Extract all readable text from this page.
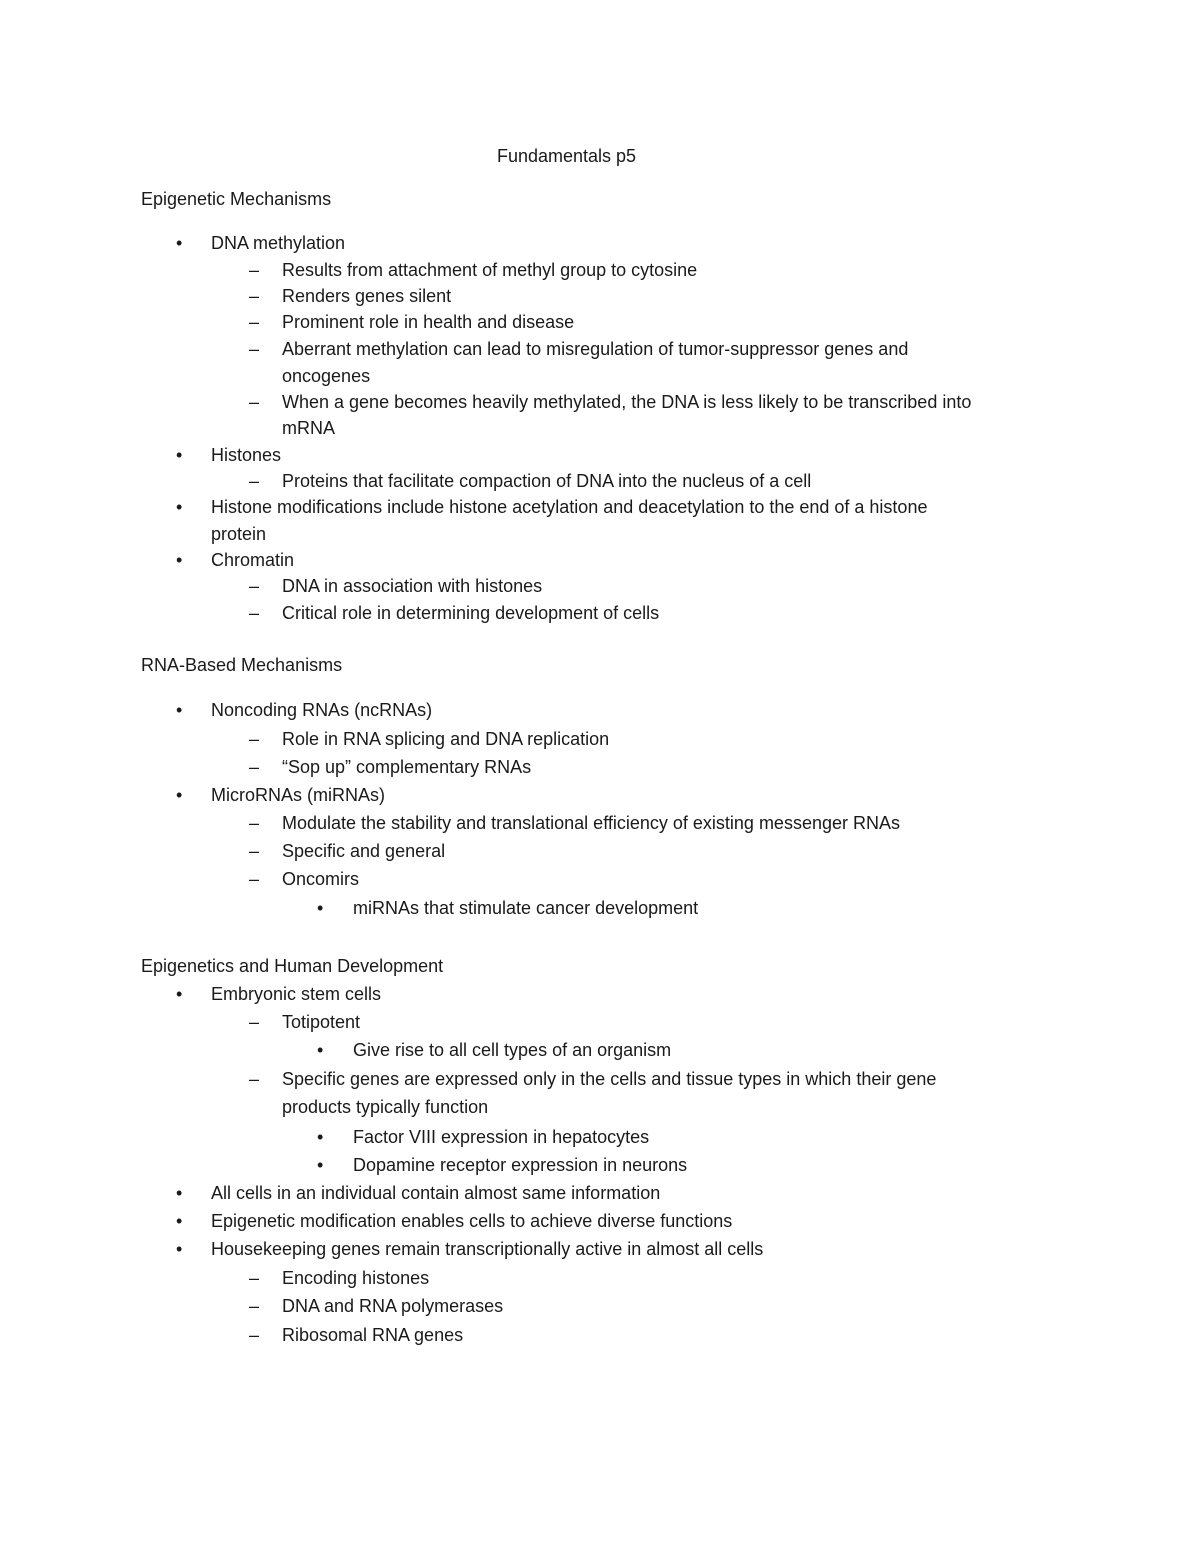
Fundamentals p5
Epigenetic Mechanisms
• DNA methylation
– Results from attachment of methyl group to cytosine
– Renders genes silent
– Prominent role in health and disease
– Aberrant methylation can lead to misregulation of tumor-suppressor genes and
oncogenes
– When a gene becomes heavily methylated, the DNA is less likely to be transcribed into
mRNA
• Histones
– Proteins that facilitate compaction of DNA into the nucleus of a cell
• Histone modifications include histone acetylation and deacetylation to the end of a histone
protein
• Chromatin
– DNA in association with histones
– Critical role in determining development of cells
RNA-Based Mechanisms
• Noncoding RNAs (ncRNAs)
– Role in RNA splicing and DNA replication
– “Sop up” complementary RNAs
• MicroRNAs (miRNAs)
– Modulate the stability and translational efficiency of existing messenger RNAs
– Specific and general
– Oncomirs
• miRNAs that stimulate cancer development
Epigenetics and Human Development
• Embryonic stem cells
– Totipotent
• Give rise to all cell types of an organism
– Specific genes are expressed only in the cells and tissue types in which their gene
products typically function
• Factor VIII expression in hepatocytes
• Dopamine receptor expression in neurons
• All cells in an individual contain almost same information
• Epigenetic modification enables cells to achieve diverse functions
• Housekeeping genes remain transcriptionally active in almost all cells
– Encoding histones
– DNA and RNA polymerases
– Ribosomal RNA genes
